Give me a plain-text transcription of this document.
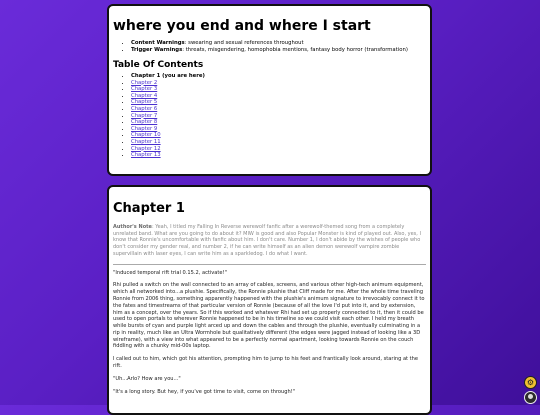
where you end and where I start
• Content Warnings: swearing and sexual references throughout
• Trigger Warnings: threats, misgendering, homophobia mentions, fantasy body horror (transformation)
Table Of Contents
• Chapter 1 (you are here)
• Chapter 2
• Chapter 3
• Chapter 4
• Chapter 5
• Chapter 6
• Chapter 7
• Chapter 8
• Chapter 9
• Chapter 10
• Chapter 11
• Chapter 12
• Chapter 13
Chapter 1

Author's Note: Yeah, I titled my Falling In Reverse werewolf fanfic after a werewolf-themed song from a completely unrelated band. What are you going to do about it? MIW is good and also Popular Monster is kind of played out. Also, yes, I know that Ronnie's uncomfortable with fanfic about him. I don't care. Number 1, I don't abide by the wishes of people who don't consider my gender real, and number 2, if he can write himself as an alien demon werewolf vampire zombie supervillain with laser eyes, I can write him as a sparkledog. I do what I want.

"Induced temporal rift trial 0.15.2, activate!"

Rhi pulled a switch on the wall connected to an array of cables, screens, and various other high-tech animum equipment, which all networked into...a plushie. Specifically, the Ronnie plushie that Cliff made for me. After the whole time traveling Ronnie from 2006 thing, something apparently happened with the plushie's animum signature to irrevocably connect it to the fates and timestreams of that particular version of Ronnie (because of all the love I'd put into it, and by extension, him as a concept, over the years. So if this worked and whatever Rhi had set up properly connected to it, then it could be used to open portals to wherever Ronnie happened to be in his timeline so we could visit each other. I held my breath while bursts of cyan and purple light arced up and down the cables and through the plushie, eventually culminating in a rip in reality, much like an Ultra Wormhole but qualitatively different (the edges were jagged instead of looking like a 3D wireframe), with a view into what appeared to be a perfectly normal apartment, looking towards Ronnie on the couch fiddling with a chunky mid-00s laptop.

I called out to him, which got his attention, prompting him to jump to his feet and frantically look around, staring at the rift.

"Uh...Arlo? How are you..."

"It's a long story. But hey, if you've got time to visit, come on through!"

⚙
